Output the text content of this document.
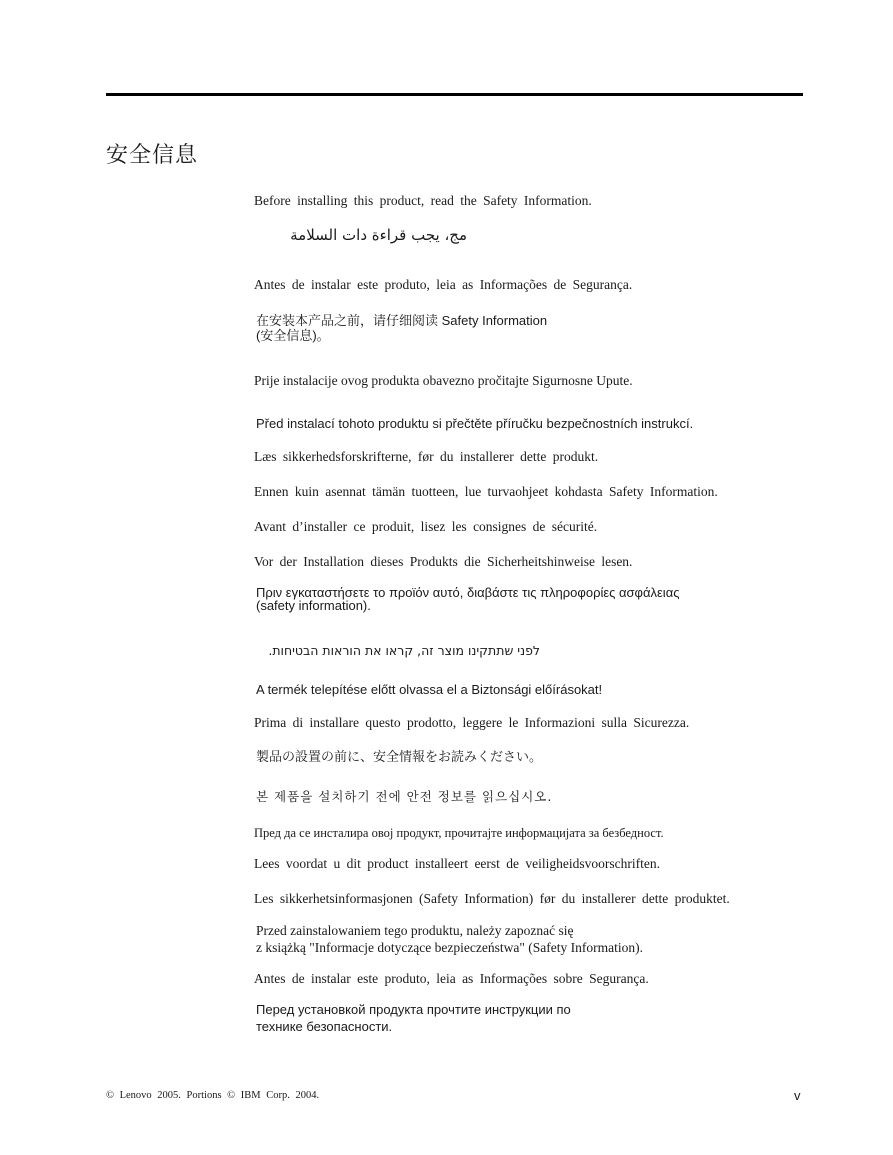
安全信息

Before installing this product, read the Safety Information.

مج، يجب قراءة دات السلامة

Antes de instalar este produto, leia as Informações de Segurança.

在安装本产品之前，请仔细阅读 Safety Information
(安全信息)。

Prije instalacije ovog produkta obavezno pročitajte Sigurnosne Upute.

Před instalací tohoto produktu si přečtěte příručku bezpečnostních instrukcí.

Læs sikkerhedsforskrifterne, før du installerer dette produkt.

Ennen kuin asennat tämän tuotteen, lue turvaohjeet kohdasta Safety Information.

Avant d’installer ce produit, lisez les consignes de sécurité.

Vor der Installation dieses Produkts die Sicherheitshinweise lesen.

Πριν εγκαταστήσετε το προϊόν αυτό, διαβάστε τις πληροφορίες ασφάλειας
(safety information).

לפני שתתקינו מוצר זה, קראו את הוראות הבטיחות.

A termék telepítése előtt olvassa el a Biztonsági előírásokat!

Prima di installare questo prodotto, leggere le Informazioni sulla Sicurezza.

製品の設置の前に、安全情報をお読みください。

본 제품을 설치하기 전에 안전 정보를 읽으십시오.

Пред да се инсталира овој продукт, прочитајте информацијата за безбедност.

Lees voordat u dit product installeert eerst de veiligheidsvoorschriften.

Les sikkerhetsinformasjonen (Safety Information) før du installerer dette produktet.

Przed zainstalowaniem tego produktu, należy zapoznać się
z książką "Informacje dotyczące bezpieczeństwa" (Safety Information).

Antes de instalar este produto, leia as Informações sobre Segurança.

Перед установкой продукта прочтите инструкции по
технике безопасности.

© Lenovo 2005. Portions © IBM Corp. 2004.	v
